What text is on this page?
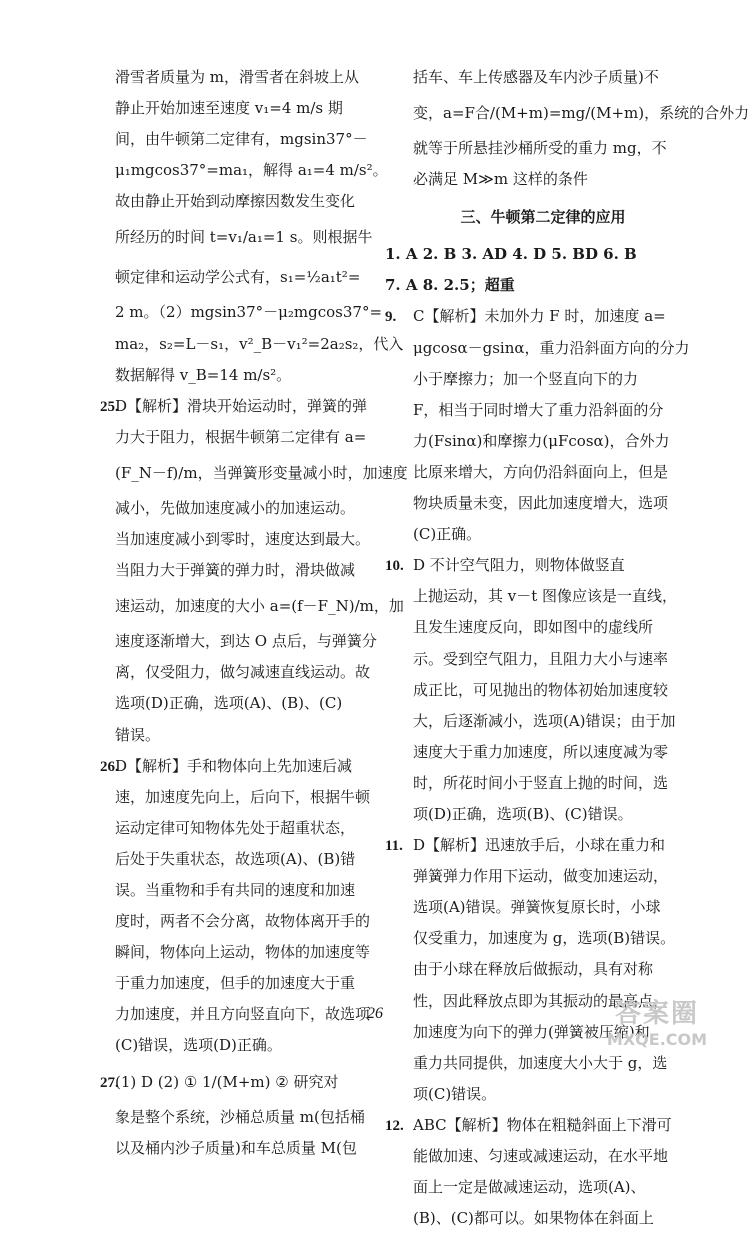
滑雪者质量为 m，滑雪者在斜坡上从
静止开始加速至速度 v₁=4 m/s 期
间，由牛顿第二定律有，mgsin37°－
μ₁mgcos37°=ma₁，解得 a₁=4 m/s²。
故由静止开始到动摩擦因数发生变化
所经历的时间 t=v₁/a₁=1 s。则根据牛
顿定律和运动学公式有，s₁=½a₁t²=
2 m。（2）mgsin37°－μ₂mgcos37°=
ma₂，s₂=L－s₁，v²_B－v₁²=2a₂s₂，代入
数据解得 v_B=14 m/s²。
25.D【解析】滑块开始运动时，弹簧的弹
力大于阻力，根据牛顿第二定律有 a=
(F_N－f)/m，当弹簧形变量减小时，加速度
减小，先做加速度减小的加速运动。
当加速度减小到零时，速度达到最大。
当阻力大于弹簧的弹力时，滑块做减
速运动，加速度的大小 a=(f－F_N)/m，加
速度逐渐增大，到达 O 点后，与弹簧分
离，仅受阻力，做匀减速直线运动。故
选项(D)正确，选项(A)、(B)、(C)
错误。
26.D【解析】手和物体向上先加速后减
速，加速度先向上，后向下，根据牛顿
运动定律可知物体先处于超重状态，
后处于失重状态，故选项(A)、(B)错
误。当重物和手有共同的速度和加速
度时，两者不会分离，故物体离开手的
瞬间，物体向上运动，物体的加速度等
于重力加速度，但手的加速度大于重
力加速度，并且方向竖直向下，故选项
(C)错误，选项(D)正确。
27.(1) D (2) ① 1/(M+m) ② 研究对
象是整个系统，沙桶总质量 m(包括桶
以及桶内沙子质量)和车总质量 M(包
括车、车上传感器及车内沙子质量)不
变，a=F合/(M+m)=mg/(M+m)，系统的合外力
就等于所悬挂沙桶所受的重力 mg，不
必满足 M≫m 这样的条件
三、牛顿第二定律的应用
1. A 2. B 3. AD 4. D 5. BD 6. B
7. A 8. 2.5；超重
9. C【解析】未加外力 F 时，加速度 a=
μgcosα－gsinα，重力沿斜面方向的分力
小于摩擦力；加一个竖直向下的力
F，相当于同时增大了重力沿斜面的分
力(Fsinα)和摩擦力(μFcosα)，合外力
比原来增大，方向仍沿斜面向上，但是
物块质量未变，因此加速度增大，选项
(C)正确。
10. D 不计空气阻力，则物体做竖直
上抛运动，其 v－t 图像应该是一直线，
且发生速度反向，即如图中的虚线所
示。受到空气阻力，且阻力大小与速率
成正比，可见抛出的物体初始加速度较
大，后逐渐减小，选项(A)错误；由于加
速度大于重力加速度，所以速度减为零
时，所花时间小于竖直上抛的时间，选
项(D)正确，选项(B)、(C)错误。
11. D【解析】迅速放手后，小球在重力和
弹簧弹力作用下运动，做变加速运动，
选项(A)错误。弹簧恢复原长时，小球
仅受重力，加速度为 g，选项(B)错误。
由于小球在释放后做振动，具有对称
性，因此释放点即为其振动的最高点，
加速度为向下的弹力(弹簧被压缩)和
重力共同提供，加速度大小大于 g，选
项(C)错误。
12. ABC【解析】物体在粗糙斜面上下滑可
能做加速、匀速或减速运动，在水平地
面上一定是做减速运动，选项(A)、
(B)、(C)都可以。如果物体在斜面上
26	答案圈
MXQE.COM
